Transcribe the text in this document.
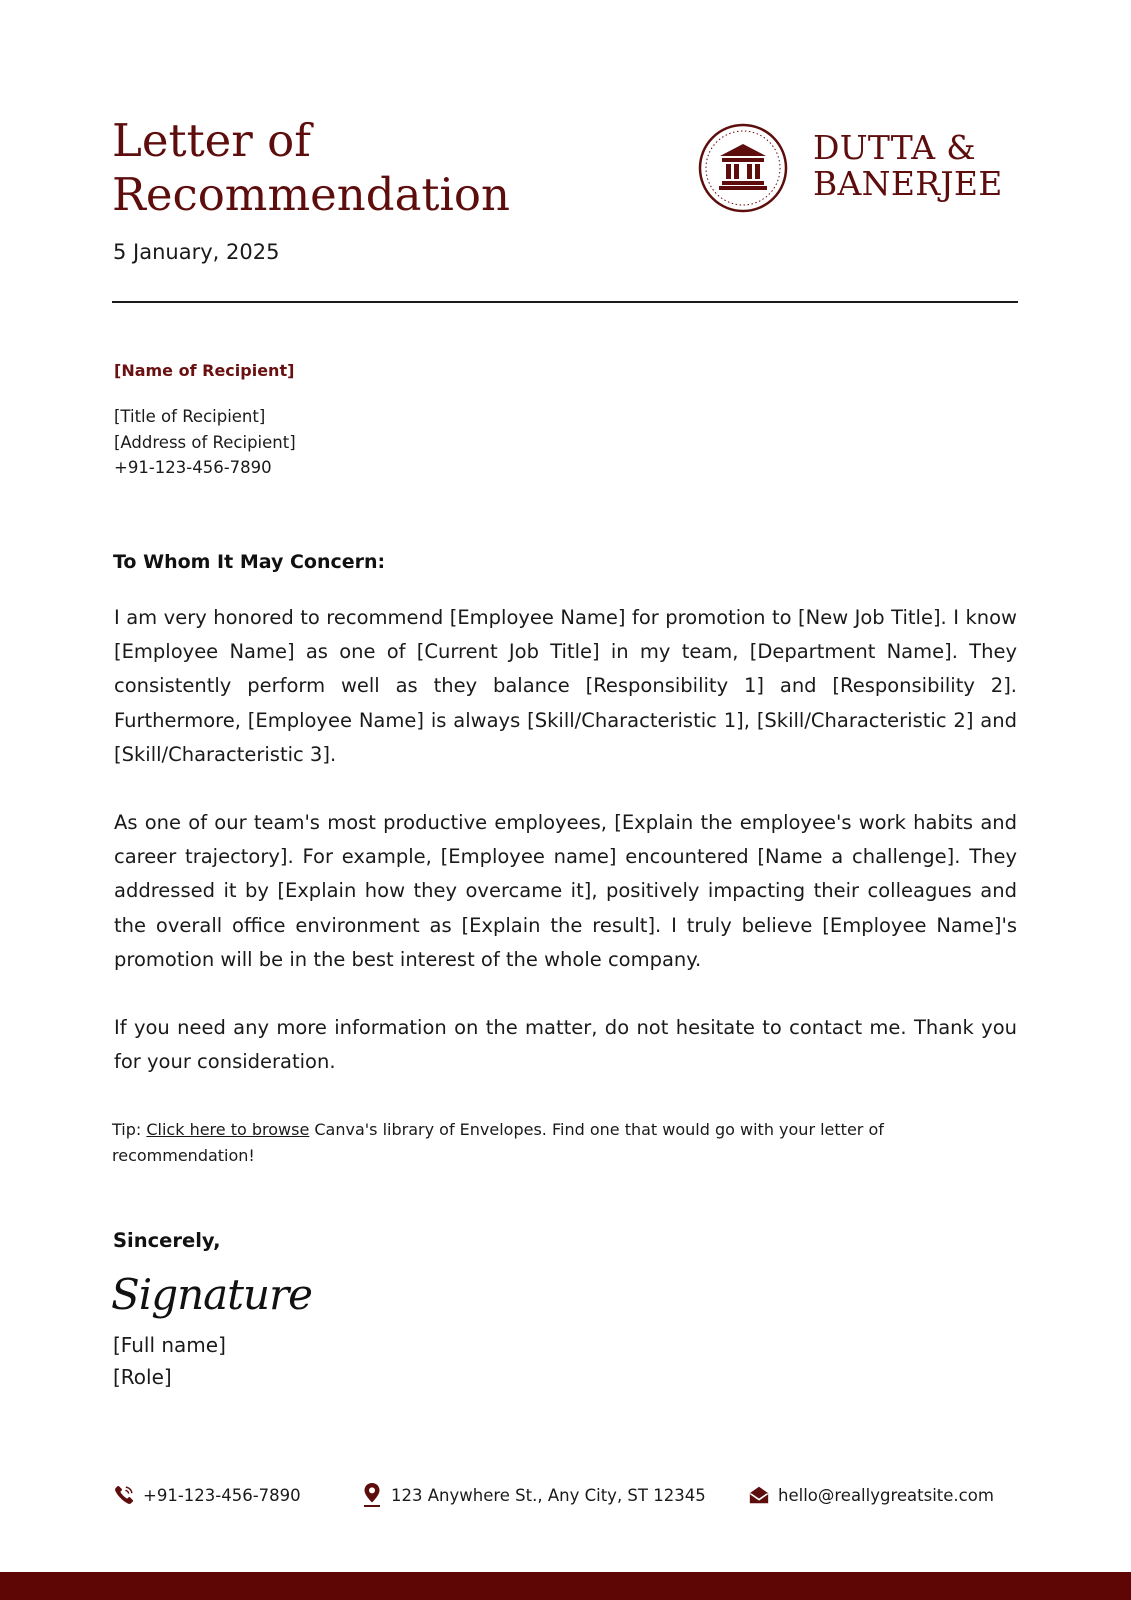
Letter of
Recommendation
5 January, 2025
DUTTA &
BANERJEE
[Name of Recipient]
[Title of Recipient]
[Address of Recipient]
+91-123-456-7890
To Whom It May Concern:

I am very honored to recommend [Employee Name] for promotion to [New Job Title]. I know [Employee Name] as one of [Current Job Title] in my team, [Department Name]. They consistently perform well as they balance [Responsibility 1] and [Responsibility 2]. Furthermore, [Employee Name] is always [Skill/Characteristic 1], [Skill/Characteristic 2] and [Skill/Characteristic 3].

As one of our team's most productive employees, [Explain the employee's work habits and career trajectory]. For example, [Employee name] encountered [Name a challenge]. They addressed it by [Explain how they overcame it], positively impacting their colleagues and the overall office environment as [Explain the result]. I truly believe [Employee Name]'s promotion will be in the best interest of the whole company.

If you need any more information on the matter, do not hesitate to contact me. Thank you for your consideration.

Tip: Click here to browse Canva's library of Envelopes. Find one that would go with your letter of recommendation!
Sincerely,
Signature
[Full name]
[Role]
+91-123-456-7890	123 Anywhere St., Any City, ST 12345	hello@reallygreatsite.com
